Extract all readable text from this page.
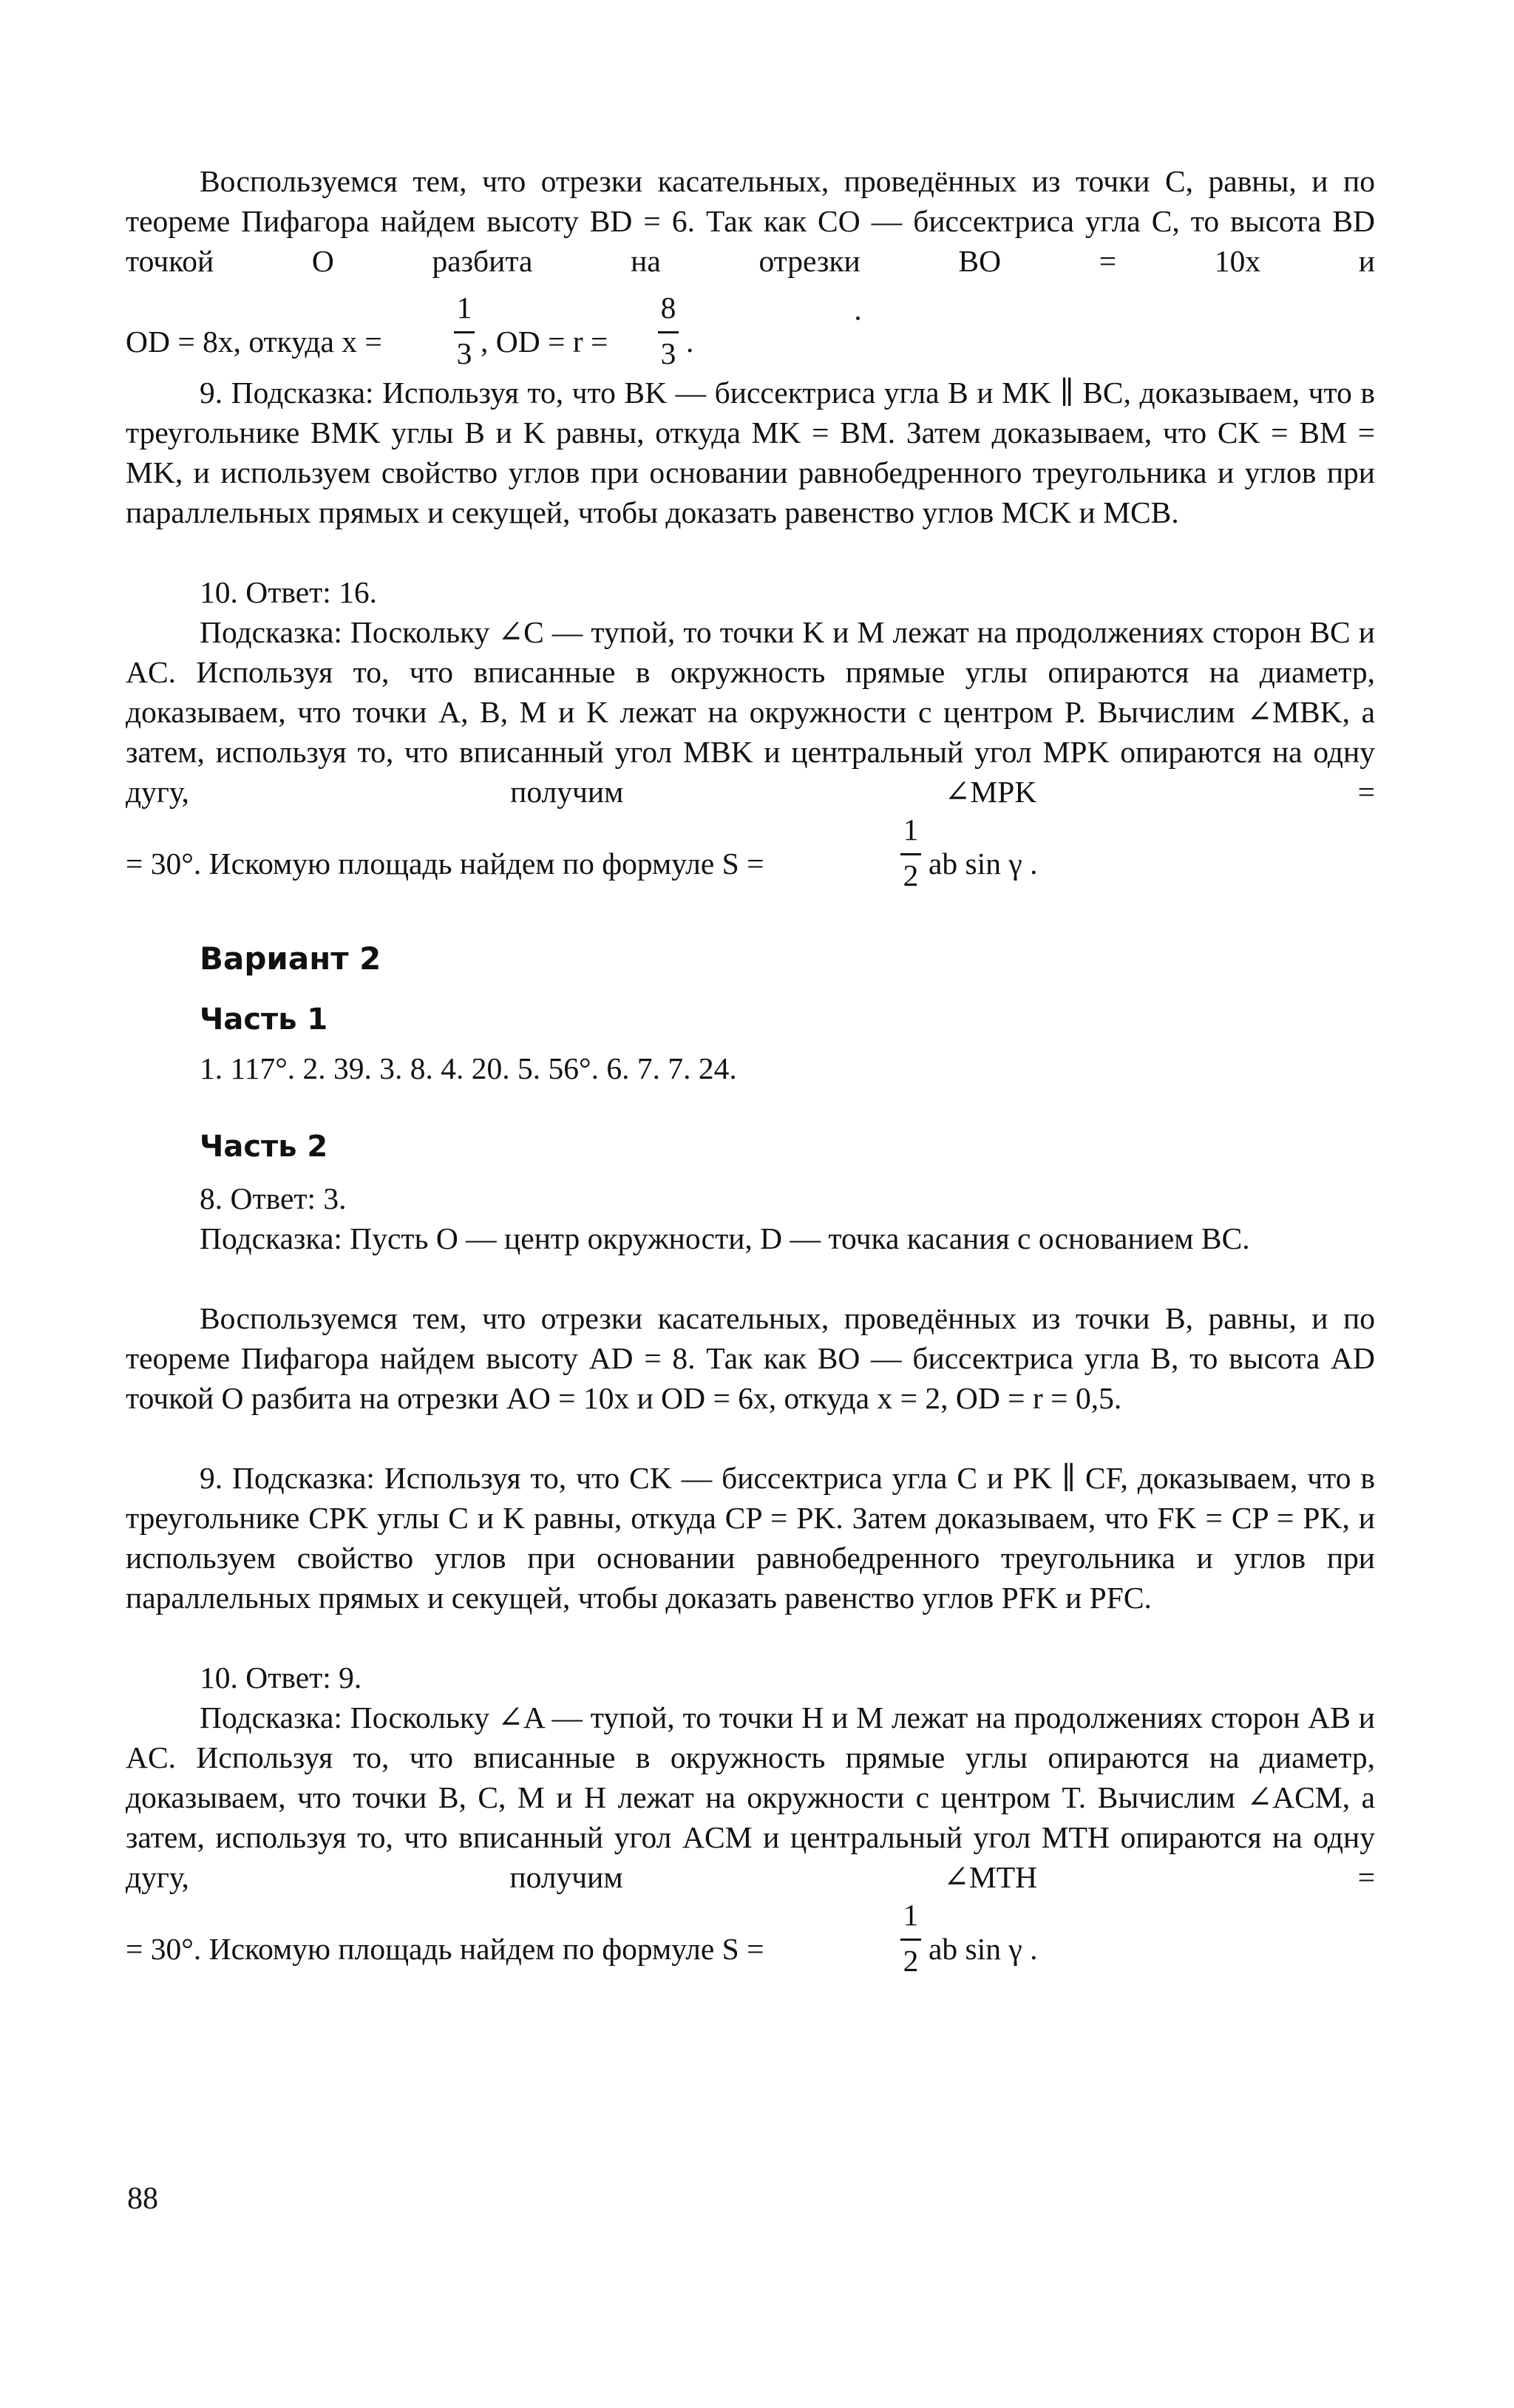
Воспользуемся тем, что отрезки касательных, проведённых из точки C, равны, и по теореме Пифагора найдем высоту BD = 6. Так как CO — биссектриса угла C, то высота BD точкой O разбита на отрезки BO = 10x и
OD = 8x, откуда x =
1
3 , OD = r =
8
3 .
9. Подсказка: Используя то, что BK — биссектриса угла B и MK ∥ BC, доказываем, что в треугольнике BMK углы B и K равны, откуда MK = BM. Затем доказываем, что CK = BM = MK, и используем свойство углов при основании равнобедренного треугольника и углов при параллельных прямых и секущей, чтобы доказать равенство углов MCK и MCB.
10. Ответ: 16.
Подсказка: Поскольку ∠C — тупой, то точки K и M лежат на продолжениях сторон BC и AC. Используя то, что вписанные в окружность прямые углы опираются на диаметр, доказываем, что точки A, B, M и K лежат на окружности с центром P. Вычислим ∠MBK, а затем, используя то, что вписанный угол MBK и центральный угол MPK опираются на одну дугу, получим ∠MPK =
= 30°. Искомую площадь найдем по формуле S =
1
2 ab sin γ .
Вариант 2
Часть 1
1. 117°. 2. 39. 3. 8. 4. 20. 5. 56°. 6. 7. 7. 24.
Часть 2
8. Ответ: 3.
Подсказка: Пусть O — центр окружности, D — точка касания с основанием BC.
Воспользуемся тем, что отрезки касательных, проведённых из точки B, равны, и по теореме Пифагора найдем высоту AD = 8. Так как BO — биссектриса угла B, то высота AD точкой O разбита на отрезки AO = 10x и OD = 6x, откуда x = 2, OD = r = 0,5.
9. Подсказка: Используя то, что CK — биссектриса угла C и PK ∥ CF, доказываем, что в треугольнике CPK углы C и K равны, откуда CP = PK. Затем доказываем, что FK = CP = PK, и используем свойство углов при основании равнобедренного треугольника и углов при параллельных прямых и секущей, чтобы доказать равенство углов PFK и PFC.
10. Ответ: 9.
Подсказка: Поскольку ∠A — тупой, то точки H и M лежат на продолжениях сторон AB и AC. Используя то, что вписанные в окружность прямые углы опираются на диаметр, доказываем, что точки B, C, M и H лежат на окружности с центром T. Вычислим ∠ACM, а затем, используя то, что вписанный угол ACM и центральный угол MTH опираются на одну дугу, получим ∠MTH =
= 30°. Искомую площадь найдем по формуле S =
1
2 ab sin γ .
88
